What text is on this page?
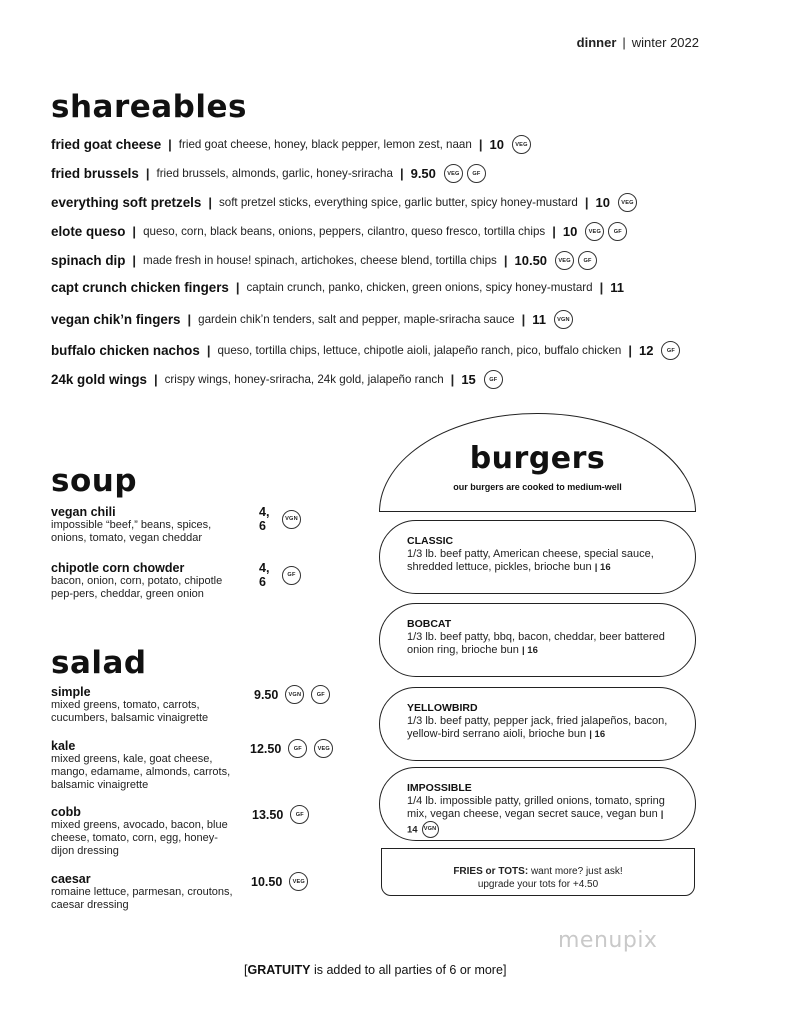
dinner | winter 2022
shareables
fried goat cheese | fried goat cheese, honey, black pepper, lemon zest, naan | 10	VEG
fried brussels | fried brussels, almonds, garlic, honey-sriracha | 9.50	VEG	GF
everything soft pretzels | soft pretzel sticks, everything spice, garlic butter, spicy honey-mustard | 10	VEG
elote queso | queso, corn, black beans, onions, peppers, cilantro, queso fresco, tortilla chips | 10	VEG	GF
spinach dip | made fresh in house! spinach, artichokes, cheese blend, tortilla chips | 10.50	VEG	GF
capt crunch chicken fingers | captain crunch, panko, chicken, green onions, spicy honey-mustard | 11
vegan chik’n fingers | gardein chik’n tenders, salt and pepper, maple-sriracha sauce | 11	VGN
buffalo chicken nachos | queso, tortilla chips, lettuce, chipotle aioli, jalapeño ranch, pico, buffalo chicken | 12	GF
24k gold wings | crispy wings, honey-sriracha, 24k gold, jalapeño ranch | 15	GF
soup
vegan chili
impossible “beef,” beans, spices, onions, tomato, vegan cheddar
4, 6	VGN
chipotle corn chowder
bacon, onion, corn, potato, chipotle pep-pers, cheddar, green onion
4, 6	GF
salad
simple
mixed greens, tomato, carrots, cucumbers, balsamic vinaigrette
9.50	VGN	GF
kale
mixed greens, kale, goat cheese, mango, edamame, almonds, carrots, balsamic vinaigrette
12.50	GF	VEG
cobb
mixed greens, avocado, bacon, blue cheese, tomato, corn, egg, honey-dijon dressing
13.50	GF
caesar
romaine lettuce, parmesan, croutons, caesar dressing
10.50	VEG
burgers
our burgers are cooked to medium-well
CLASSIC
1/3 lb. beef patty, American cheese, special sauce, shredded lettuce, pickles, brioche bun | 16
BOBCAT
1/3 lb. beef patty, bbq, bacon, cheddar, beer battered onion ring, brioche bun | 16
YELLOWBIRD
1/3 lb. beef patty, pepper jack, fried jalapeños, bacon, yellow-bird serrano aioli, brioche bun | 16
IMPOSSIBLE
1/4 lb. impossible patty, grilled onions, tomato, spring mix, vegan cheese, vegan secret sauce, vegan bun | 14 VGN
FRIES or TOTS: want more? just ask!
upgrade your tots for +4.50
[GRATUITY is added to all parties of 6 or more]
menupix
